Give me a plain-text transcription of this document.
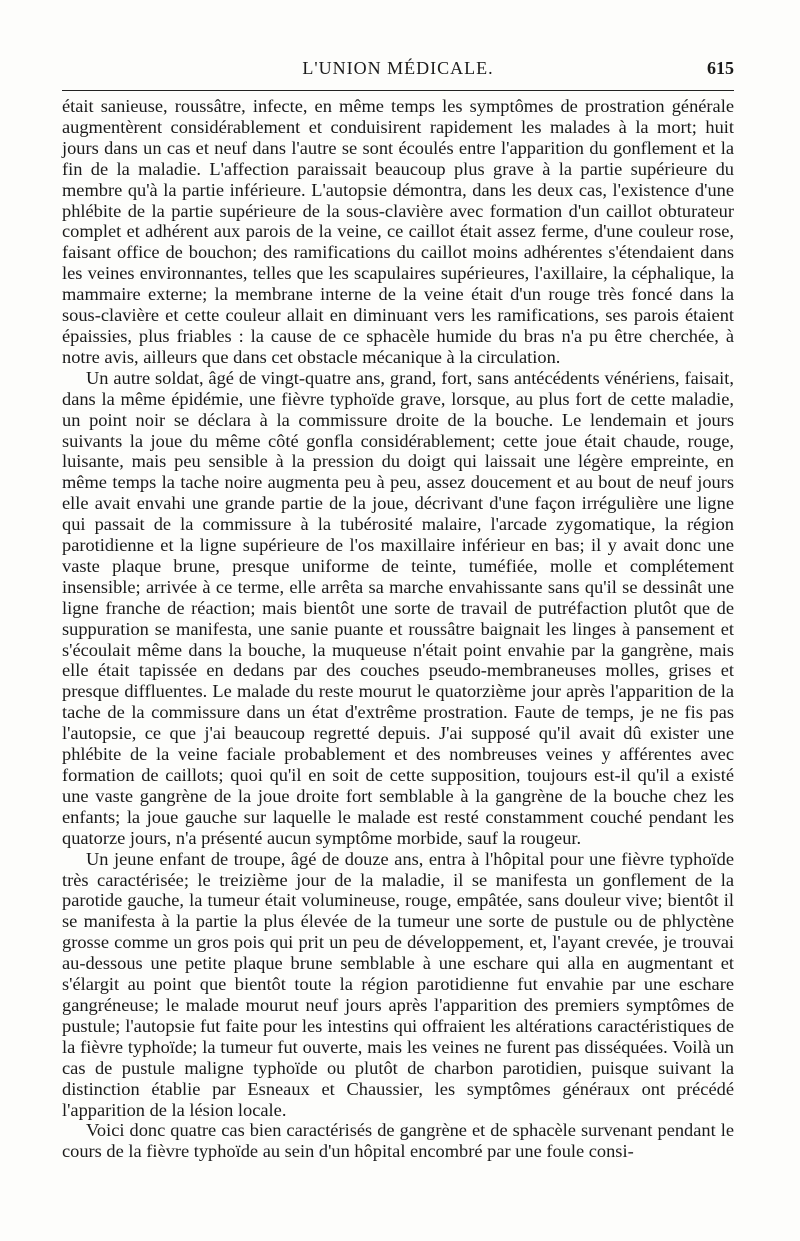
L'UNION MÉDICALE.	615

était sanieuse, roussâtre, infecte, en même temps les symptômes de prostration générale augmentèrent considérablement et conduisirent rapidement les malades à la mort; huit jours dans un cas et neuf dans l'autre se sont écoulés entre l'apparition du gonflement et la fin de la maladie. L'affection paraissait beaucoup plus grave à la partie supérieure du membre qu'à la partie inférieure. L'autopsie démontra, dans les deux cas, l'existence d'une phlébite de la partie supérieure de la sous-clavière avec formation d'un caillot obturateur complet et adhérent aux parois de la veine, ce caillot était assez ferme, d'une couleur rose, faisant office de bouchon; des ramifications du caillot moins adhérentes s'étendaient dans les veines environnantes, telles que les scapulaires supérieures, l'axillaire, la céphalique, la mammaire externe; la membrane interne de la veine était d'un rouge très foncé dans la sous-clavière et cette couleur allait en diminuant vers les ramifications, ses parois étaient épaissies, plus friables : la cause de ce sphacèle humide du bras n'a pu être cherchée, à notre avis, ailleurs que dans cet obstacle mécanique à la circulation.

Un autre soldat, âgé de vingt-quatre ans, grand, fort, sans antécédents vénériens, faisait, dans la même épidémie, une fièvre typhoïde grave, lorsque, au plus fort de cette maladie, un point noir se déclara à la commissure droite de la bouche. Le lendemain et jours suivants la joue du même côté gonfla considérablement; cette joue était chaude, rouge, luisante, mais peu sensible à la pression du doigt qui laissait une légère empreinte, en même temps la tache noire augmenta peu à peu, assez doucement et au bout de neuf jours elle avait envahi une grande partie de la joue, décrivant d'une façon irrégulière une ligne qui passait de la commissure à la tubérosité malaire, l'arcade zygomatique, la région parotidienne et la ligne supérieure de l'os maxillaire inférieur en bas; il y avait donc une vaste plaque brune, presque uniforme de teinte, tuméfiée, molle et complétement insensible; arrivée à ce terme, elle arrêta sa marche envahissante sans qu'il se dessinât une ligne franche de réaction; mais bientôt une sorte de travail de putréfaction plutôt que de suppuration se manifesta, une sanie puante et roussâtre baignait les linges à pansement et s'écoulait même dans la bouche, la muqueuse n'était point envahie par la gangrène, mais elle était tapissée en dedans par des couches pseudo-membraneuses molles, grises et presque diffluentes. Le malade du reste mourut le quatorzième jour après l'apparition de la tache de la commissure dans un état d'extrême prostration. Faute de temps, je ne fis pas l'autopsie, ce que j'ai beaucoup regretté depuis. J'ai supposé qu'il avait dû exister une phlébite de la veine faciale probablement et des nombreuses veines y afférentes avec formation de caillots; quoi qu'il en soit de cette supposition, toujours est-il qu'il a existé une vaste gangrène de la joue droite fort semblable à la gangrène de la bouche chez les enfants; la joue gauche sur laquelle le malade est resté constamment couché pendant les quatorze jours, n'a présenté aucun symptôme morbide, sauf la rougeur.

Un jeune enfant de troupe, âgé de douze ans, entra à l'hôpital pour une fièvre typhoïde très caractérisée; le treizième jour de la maladie, il se manifesta un gonflement de la parotide gauche, la tumeur était volumineuse, rouge, empâtée, sans douleur vive; bientôt il se manifesta à la partie la plus élevée de la tumeur une sorte de pustule ou de phlyctène grosse comme un gros pois qui prit un peu de développement, et, l'ayant crevée, je trouvai au-dessous une petite plaque brune semblable à une eschare qui alla en augmentant et s'élargit au point que bientôt toute la région parotidienne fut envahie par une eschare gangréneuse; le malade mourut neuf jours après l'apparition des premiers symptômes de pustule; l'autopsie fut faite pour les intestins qui offraient les altérations caractéristiques de la fièvre typhoïde; la tumeur fut ouverte, mais les veines ne furent pas disséquées. Voilà un cas de pustule maligne typhoïde ou plutôt de charbon parotidien, puisque suivant la distinction établie par Esneaux et Chaussier, les symptômes généraux ont précédé l'apparition de la lésion locale.

Voici donc quatre cas bien caractérisés de gangrène et de sphacèle survenant pendant le cours de la fièvre typhoïde au sein d'un hôpital encombré par une foule consi-
